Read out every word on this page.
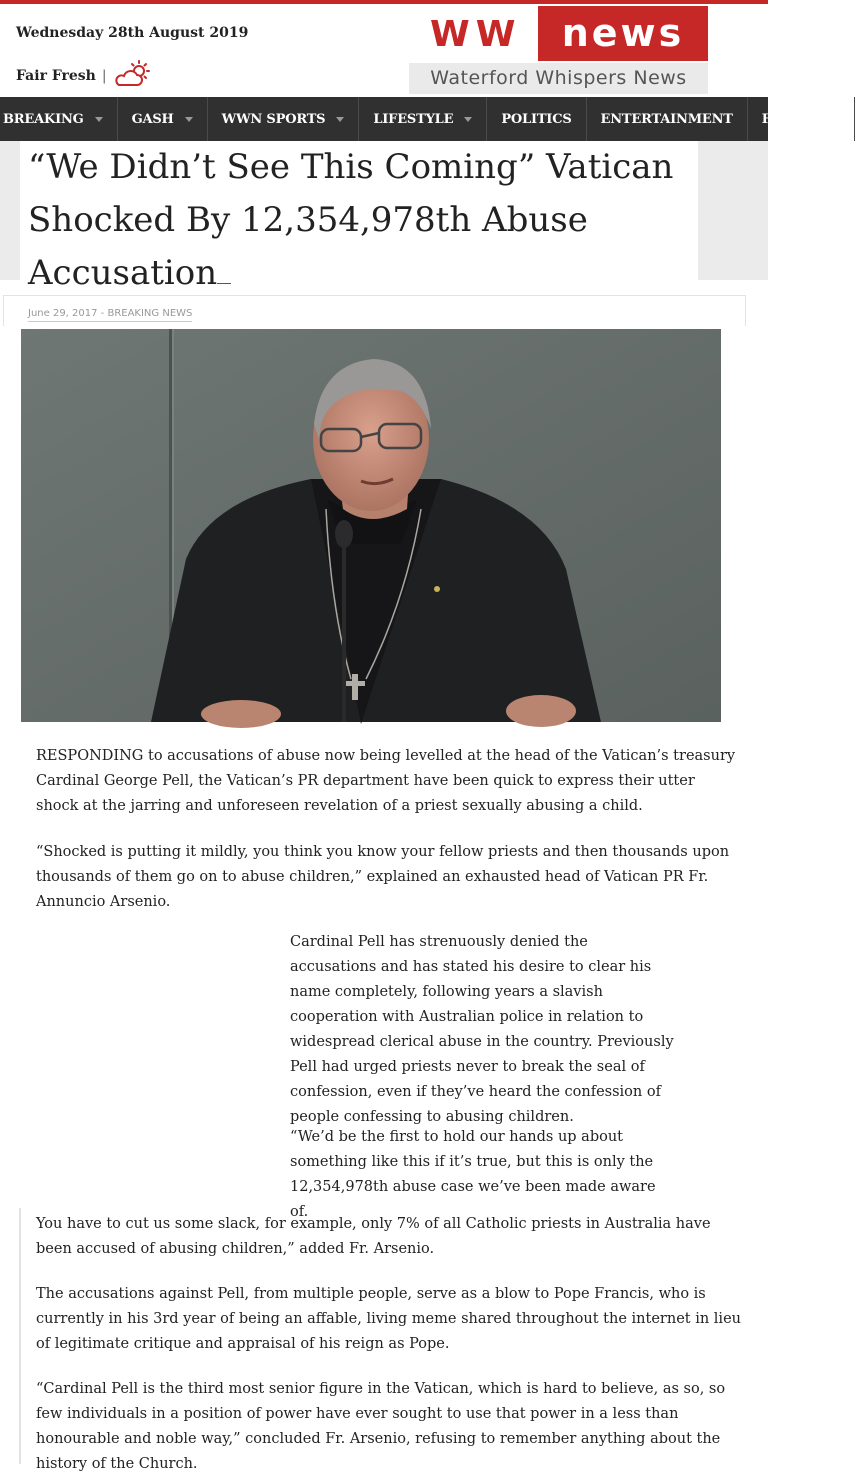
Wednesday 28th August 2019
Fair Fresh |
WW	news
Waterford Whispers News
BREAKING	GASH	WWN SPORTS	LIFESTYLE	POLITICS ENTERTAINMENT FEATURES
“We Didn’t See This Coming” Vatican Shocked By 12,354,978th Abuse Accusation
June 29, 2017 - BREAKING NEWS

RESPONDING to accusations of abuse now being levelled at the head of the Vatican’s treasury Cardinal George Pell, the Vatican’s PR department have been quick to express their utter shock at the jarring and unforeseen revelation of a priest sexually abusing a child.

“Shocked is putting it mildly, you think you know your fellow priests and then thousands upon thousands of them go on to abuse children,” explained an exhausted head of Vatican PR Fr. Annuncio Arsenio.

Cardinal Pell has strenuously denied the accusations and has stated his desire to clear his name completely, following years a slavish cooperation with Australian police in relation to widespread clerical abuse in the country. Previously Pell had urged priests never to break the seal of confession, even if they’ve heard the confession of people confessing to abusing children.

“We’d be the first to hold our hands up about something like this if it’s true, but this is only the 12,354,978th abuse case we’ve been made aware of.

You have to cut us some slack, for example, only 7% of all Catholic priests in Australia have been accused of abusing children,” added Fr. Arsenio.

The accusations against Pell, from multiple people, serve as a blow to Pope Francis, who is currently in his 3rd year of being an affable, living meme shared throughout the internet in lieu of legitimate critique and appraisal of his reign as Pope.

“Cardinal Pell is the third most senior figure in the Vatican, which is hard to believe, as so, so few individuals in a position of power have ever sought to use that power in a less than honourable and noble way,” concluded Fr. Arsenio, refusing to remember anything about the history of the Church.
